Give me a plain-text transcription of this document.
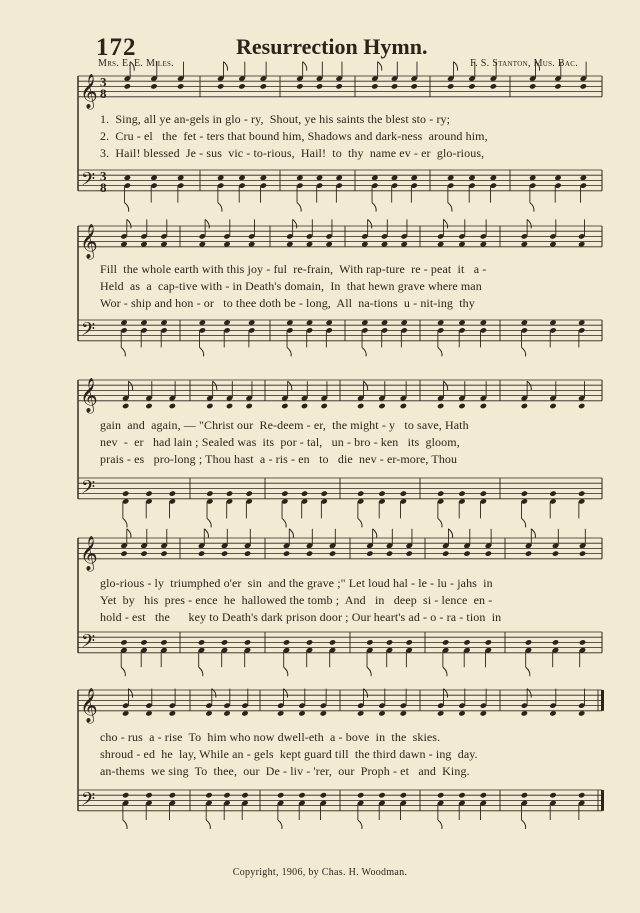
𝄞
𝄢
3
8
3
8
𝄞
𝄢
𝄞
𝄢
𝄞
𝄢
𝄞
𝄢
172	Resurrection Hymn.
Mrs. E. E. Miles.	F. S. Stanton, Mus. Bac.
1.  Sing, all ye an-gels in glo - ry,  Shout, ye his saints the blest sto - ry;
2.  Cru - el   the  fet - ters that bound him, Shadows and dark-ness  around him,
3.  Hail! blessed  Je - sus  vic - to-rious,  Hail!  to  thy  name ev - er  glo-rious,
Fill  the whole earth with this joy - ful  re-frain,  With rap-ture  re - peat  it   a -
Held  as  a  cap-tive with - in Death's domain,  In  that hewn grave where man
Wor - ship and hon - or   to thee doth be - long,  All  na-tions  u - nit-ing  thy
gain  and  again, — "Christ our  Re-deem - er,  the might - y   to save, Hath
nev  -  er   had lain ; Sealed was  its  por - tal,   un - bro - ken   its  gloom,
prais - es   pro-long ; Thou hast  a - ris - en   to   die  nev - er-more, Thou
glo-rious - ly  triumphed o'er  sin  and the grave ;" Let loud hal - le - lu - jahs  in
Yet  by   his  pres - ence  he  hallowed the tomb ;  And   in   deep  si - lence  en -
hold - est   the      key to Death's dark prison door ; Our heart's ad - o - ra - tion  in
cho - rus  a - rise  To  him who now dwell-eth  a - bove  in  the  skies.
shroud - ed  he  lay, While an - gels  kept guard till  the third dawn - ing  day.
an-thems  we sing  To  thee,  our  De - liv - 'rer,  our  Proph - et   and  King.
Copyright, 1906, by Chas. H. Woodman.
